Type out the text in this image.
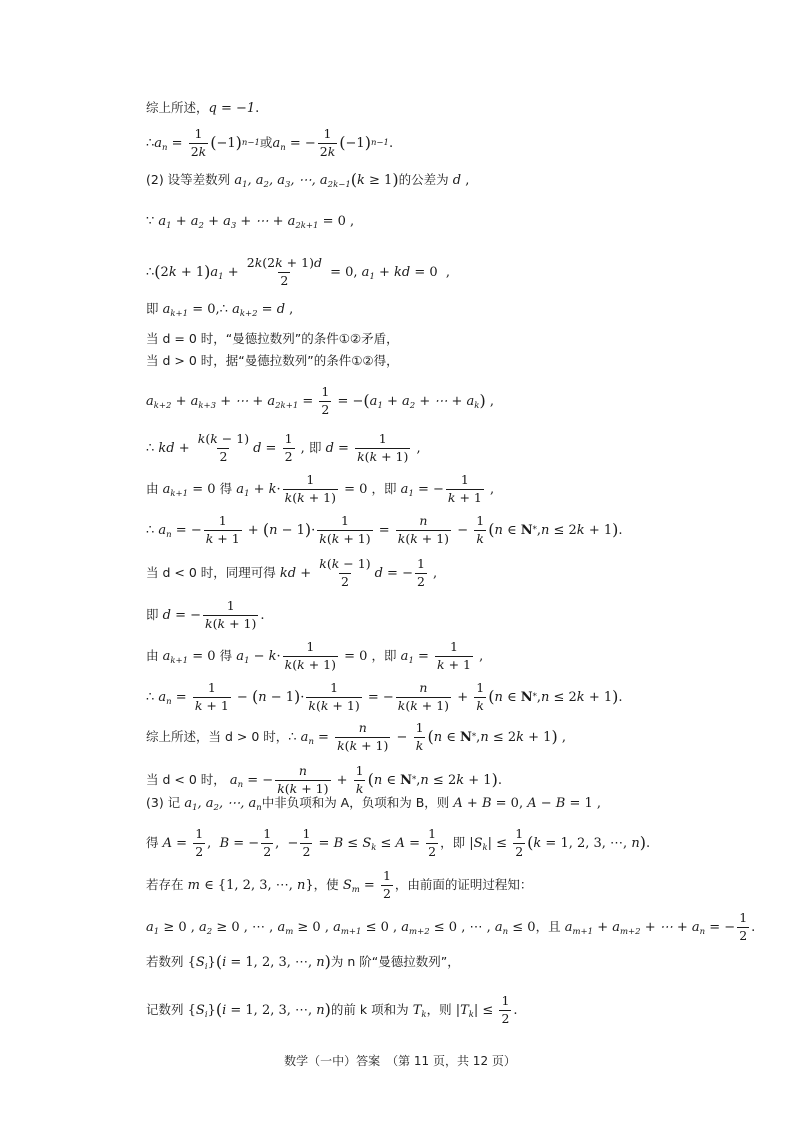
综上所述， q = −1 .
∴ $a_n = \frac{1}{2k}$ ( −1 ) n−1 或 $a_n$ = − $\frac{1}{2k}$ ( −1 ) n−1 .
(2) 设等差数列 $a_1$, $a_2$, $a_3$, ⋯, $a_{2k-1}$ ( k ≥ 1 ) 的公差为 d ,
∵ $a_1 + a_2 + a_3$ + ⋯ + $a_{2k+1} = 0$ ,
∴ ( 2k + 1 ) $a_1 + \frac{2k(2k + 1)d}{2} = 0$, $a_1$ + kd = 0  ,
即 $a_{k+1}$ = 0,∴ $a_{k+2} = d$ ,
当 d = 0 时，“曼德拉数列”的条件①②矛盾，
当 d > 0 时，据“曼德拉数列”的条件①②得，
$a_{k+2} + a_{k+3}$ + ⋯ + $a_{2k+1} = \frac{1}{2}$ = − ( $a_1 + a_2$ + ⋯ + $a_k$ ) ,
∴ kd + $\frac{k(k - 1)}{2}$ $d = \frac{1}{2}$ , 即 $d = \frac{1}{k(k + 1)}$ ,
由 $a_{k+1} = 0$ 得 $a_1 + k \cdot \frac{1}{k(k + 1)} = 0$ ，即 $a_1$ = − $\frac{1}{k + 1}$ ,
∴ $a_n$ = − $\frac{1}{k + 1}$ + ( n − 1 ) · $\frac{1}{k(k + 1)} = \frac{n}{k(k + 1)} - \frac{1}{k}$ ( n ∈ N * , n ≤ 2 k + 1 ) .
当 d < 0 时，同理可得 kd + $\frac{k(k - 1)}{2}$ d = − $\frac{1}{2}$ ,
即 d = − $\frac{1}{k(k + 1)}$ .
由 $a_{k+1} = 0$ 得 $a_1 - k \cdot \frac{1}{k(k + 1)} = 0$ ，即 $a_1 = \frac{1}{k + 1}$ ,
∴ $a_n = \frac{1}{k + 1}$ − ( n − 1 ) · $\frac{1}{k(k + 1)}$ = − $\frac{n}{k(k + 1)} + \frac{1}{k}$ ( n ∈ N * , n ≤ 2 k + 1 ) .
综上所述，当 d > 0 时， ∴ $a_n = \frac{n}{k(k + 1)} - \frac{1}{k}$ ( n ∈ N * , n ≤ 2 k + 1 ) ,
当 d < 0 时， $a_n$ = − $\frac{n}{k(k + 1)} + \frac{1}{k}$ ( n ∈ N * , n ≤ 2 k + 1 ) .
(3) 记 $a_1$, $a_2$, ⋯, $a_n$ 中非负项和为 A，负项和为 B，则 A + B = 0, A − B = 1 ,
得 $A = \frac{1}{2}$ , B = − $\frac{1}{2}$ ,  − $\frac{1}{2} = B \le S_k \le A = \frac{1}{2}$ ，即 | $S_k$ | ≤ $\frac{1}{2}$ ( k = 1, 2, 3, ⋯, n ) .
若存在 m ∈ {1, 2, 3, ⋯, n } ，使 $S_m = \frac{1}{2}$ ，由前面的证明过程知：
$a_1 \ge 0$ , $a_2 \ge 0$ , ⋯ , $a_m \ge 0$ , $a_{m+1} \le 0$ , $a_{m+2} \le 0$ , ⋯ , $a_n \le 0$ ，且 $a_{m+1} + a_{m+2}$ + ⋯ + $a_n$ = − $\frac{1}{2}$ .
若数列 { $S_i$ } ( i = 1, 2, 3, ⋯, n ) 为 n 阶“曼德拉数列”，
记数列 { $S_i$ } ( i = 1, 2, 3, ⋯, n ) 的前 k 项和为 $T_k$ ，则 | $T_k$ | ≤ $\frac{1}{2}$ .
数学（一中）答案　（第 11 页，共 12 页）
